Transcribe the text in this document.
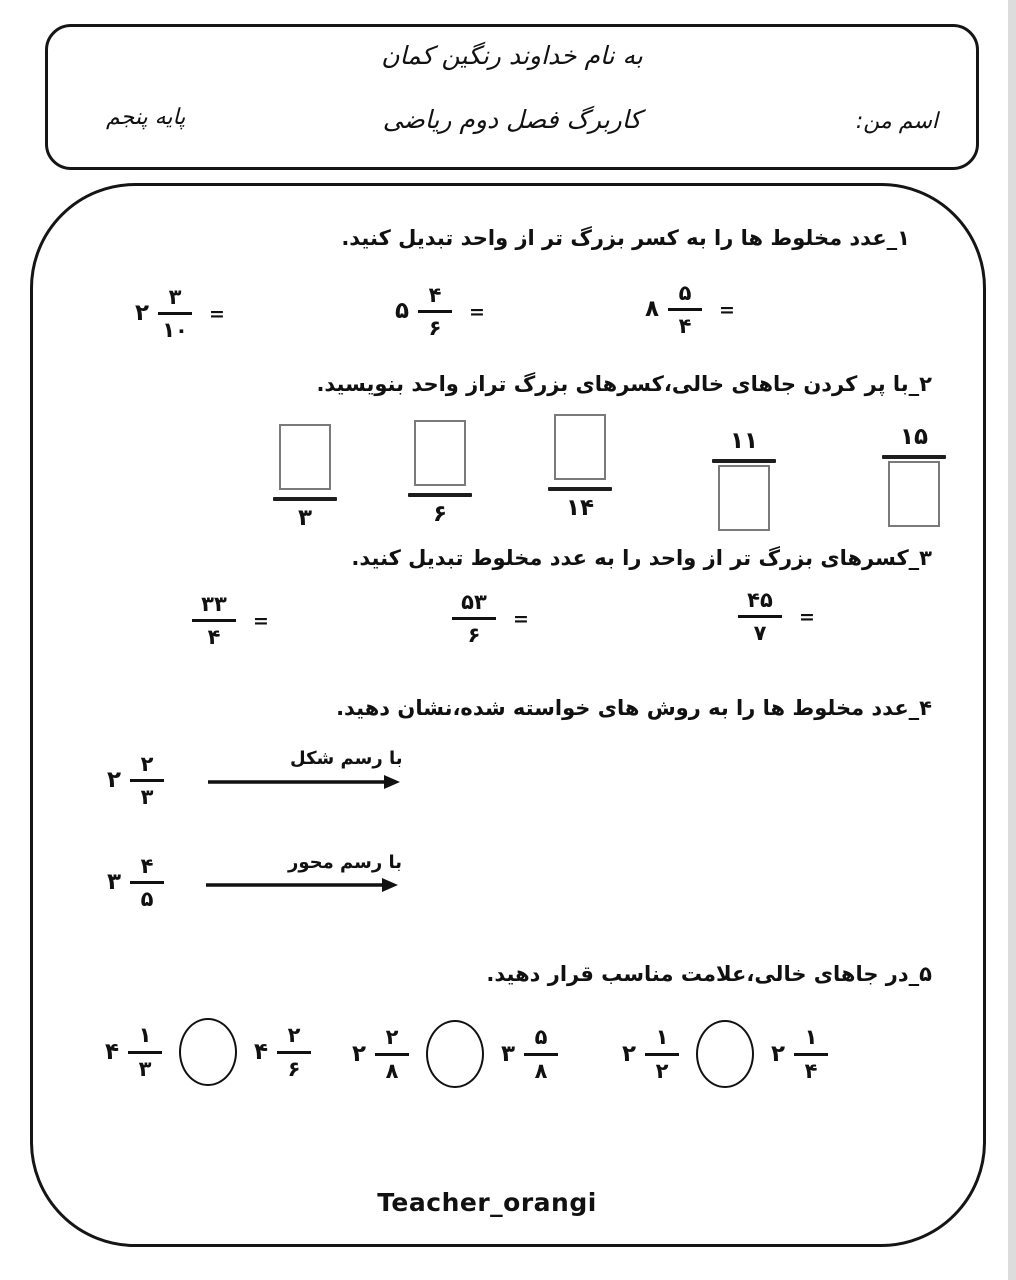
به نام خداوند رنگین کمان
اسم من:
کاربرگ فصل دوم ریاضی
پایه پنجم
۱_عدد مخلوط ها را به کسر بزرگ تر از واحد تبدیل کنید.
۸ $\frac{۵}{۴}$ =
۵ $\frac{۴}{۶}$ =
۲ $\frac{۳}{۱۰}$ =
۲_با پر کردن جاهای خالی،کسرهای بزرگ تراز واحد بنویسید.
۳	۶	۱۴
۱۱	۱۵
۳_کسرهای بزرگ تر از واحد را به عدد مخلوط تبدیل کنید.
$\frac{۳۳}{۴}$ =	$\frac{۵۳}{۶}$ =	$\frac{۴۵}{۷}$ =
۴_عدد مخلوط ها را به روش های خواسته شده،نشان دهید.
۲ $\frac{۲}{۳}$	با رسم شکل
۳ $\frac{۴}{۵}$	با رسم محور
۵_در جاهای خالی،علامت مناسب قرار دهید.
۴ $\frac{۱}{۳}$	۴ $\frac{۲}{۶}$ ۲ $\frac{۲}{۸}$	۳ $\frac{۵}{۸}$	۲ $\frac{۱}{۲}$	۲ $\frac{۱}{۴}$
Teacher_orangi
